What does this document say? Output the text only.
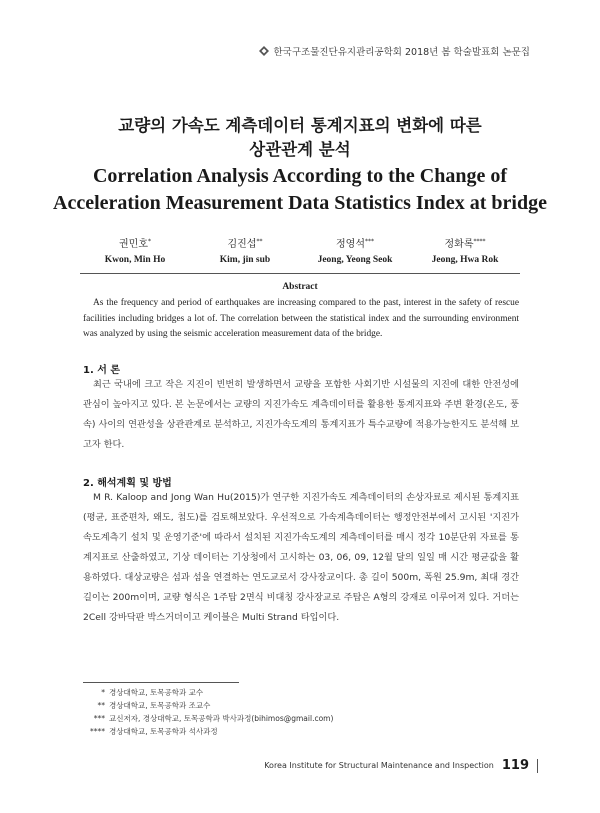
한국구조물진단유지관리공학회 2018년 봄 학술발표회 논문집
교량의 가속도 계측데이터 통계지표의 변화에 따른
상관관계 분석
Correlation Analysis According to the Change of
Acceleration Measurement Data Statistics Index at bridge
권민호*
Kwon, Min Ho
김진섭**
Kim, jin sub
정영석***
Jeong, Yeong Seok
정화록****
Jeong, Hwa Rok
Abstract
As the frequency and period of earthquakes are increasing compared to the past, interest in the safety of rescue facilities including bridges a lot of. The correlation between the statistical index and the surrounding environment was analyzed by using the seismic acceleration measurement data of the bridge.
1. 서 론

최근 국내에 크고 작은 지진이 빈번히 발생하면서 교량을 포함한 사회기반 시설물의 지진에 대한 안전성에 관심이 높아지고 있다. 본 논문에서는 교량의 지진가속도 계측데이터를 활용한 통계지표와 주변 환경(온도, 풍속) 사이의 연관성을 상관관계로 분석하고, 지진가속도계의 통계지표가 특수교량에 적용가능한지도 분석해 보고자 한다.

2. 해석계획 및 방법

M R. Kaloop and Jong Wan Hu(2015)가 연구한 지진가속도 계측데이터의 손상자료로 제시된 통계지표(평균, 표준편차, 왜도, 첨도)를 검토해보았다. 우선적으로 가속계측데이터는 행정안전부에서 고시된 '지진가속도계측기 설치 및 운영기준'에 따라서 설치된 지진가속도계의 계측데이터를 매시 정각 10분단위 자료를 통계지표로 산출하였고, 기상 데이터는 기상청에서 고시하는 03, 06, 09, 12월 달의 일일 매 시간 평균값을 활용하였다. 대상교량은 섬과 섬을 연결하는 연도교로서 강사장교이다. 총 길이 500m, 폭원 25.9m, 최대 경간 길이는 200m이며, 교량 형식은 1주탑 2면식 비대칭 강사장교로 주탑은 A형의 강재로 이루어져 있다. 거더는 2Cell 강바닥판 박스거더이고 케이블은 Multi Strand 타입이다.

* 경상대학교, 토목공학과 교수
** 경상대학교, 토목공학과 조교수
*** 교신저자, 경상대학교, 토목공학과 박사과정(bihimos@gmail.com)
**** 경상대학교, 토목공학과 석사과정
Korea Institute for Structural Maintenance and Inspection 119
